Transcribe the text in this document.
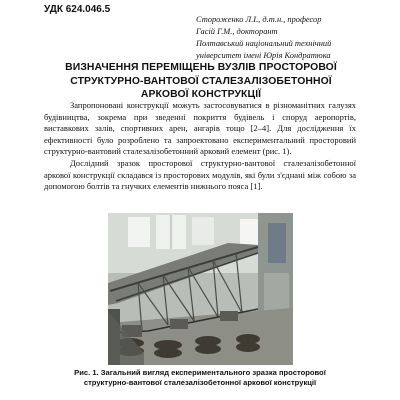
УДК 624.046.5
Стороженко Л.І., д.т.н., професор
Гасій Г.М., докторант
Полтавський національний технічний
університет імені Юрія Кондратюка
ВИЗНАЧЕННЯ ПЕРЕМІЩЕНЬ ВУЗЛІВ ПРОСТОРОВОЇ
СТРУКТУРНО-ВАНТОВОЇ СТАЛЕЗАЛІЗОБЕТОННОЇ
АРКОВОЇ КОНСТРУКЦІЇ

Запропоновані конструкції можуть застосовуватися в різноманітних галузях будівництва, зокрема при зведенні покриття будівель і споруд аеропортів, виставкових залів, спортивних арен, ангарів тощо [2–4]. Для дослідження їх ефективності було розроблено та запроектовано експериментальний просторовий структурно-вантовий сталезалізобетонний арковий елемент (рис. 1).

Дослідний зразок просторової структурно-вантової сталезалізобетонної аркової конструкції складався із просторових модулів, які були з'єднані між собою за допомогою болтів та гнучких елементів нижнього пояса [1].

Рис. 1. Загальний вигляд експериментального зразка просторової
структурно-вантової сталезалізобетонної аркової конструкції
